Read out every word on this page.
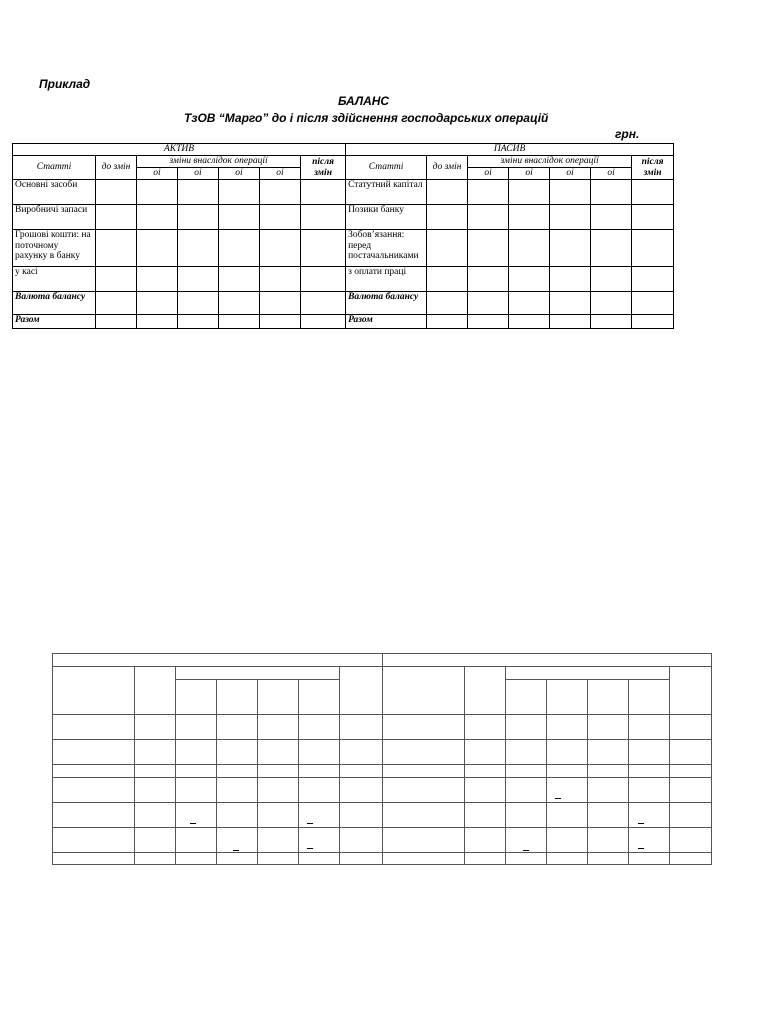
Приклад
БАЛАНС
ТзОВ “Марго” до і після здійснення господарських операцій
грн.
АКТИВ							ПАСИВ						
Статті	до змін	зміни внаслідок операції				після змін	Статті	до змін	зміни внаслідок операції				після змін
		оі	оі	оі	оі				оі	оі	оі	оі	
Основні засоби							Статутний капітал						
Виробничі запаси							Позики банку						
Грошові кошти: на поточному рахунку в банку							Зобов’язання: перед постачальниками						
у касі							з оплати праці						
Валюта балансу							Валюта балансу						
Разом							Разом						
